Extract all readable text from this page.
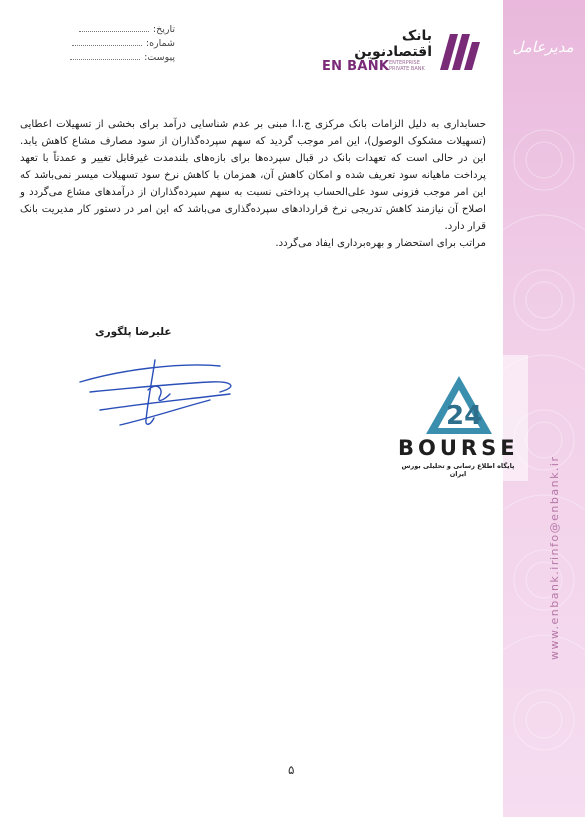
مدیرعامل
www.enbank.ir
info@enbank.ir
تاریخ:
شماره:
پیوست:
بانک اقتصادنوین
EN BANK ENTERPRISE
PRIVATE BANK

حسابداری به دلیل الزامات بانک مرکزی ج.ا.ا مبنی بر عدم شناسایی درآمد برای بخشی از تسهیلات اعطایی (تسهیلات مشکوک الوصول)، این امر موجب گردید که سهم سپرده‌گذاران از سود مصارف مشاع کاهش یابد. این در حالی است که تعهدات بانک در قبال سپرده‌ها برای بازه‌های بلندمدت غیرقابل تغییر و عمدتاً با تعهد پرداخت ماهیانه سود تعریف شده و امکان کاهش آن، همزمان با کاهش نرخ سود تسهیلات میسر نمی‌باشد که این امر موجب فزونی سود علی‌الحساب پرداختی نسبت به سهم سپرده‌گذاران از درآمدهای مشاع می‌گردد و اصلاح آن نیازمند کاهش تدریجی نرخ قراردادهای سپرده‌گذاری می‌باشد که این امر در دستور کار مدیریت بانک قرار دارد.

مراتب برای استحضار و بهره‌برداری ایفاد می‌گردد.

علیرضا پلگوری
24
BOURSE
پایگاه اطلاع رسانی و تحلیلی بورس ایران
۵
